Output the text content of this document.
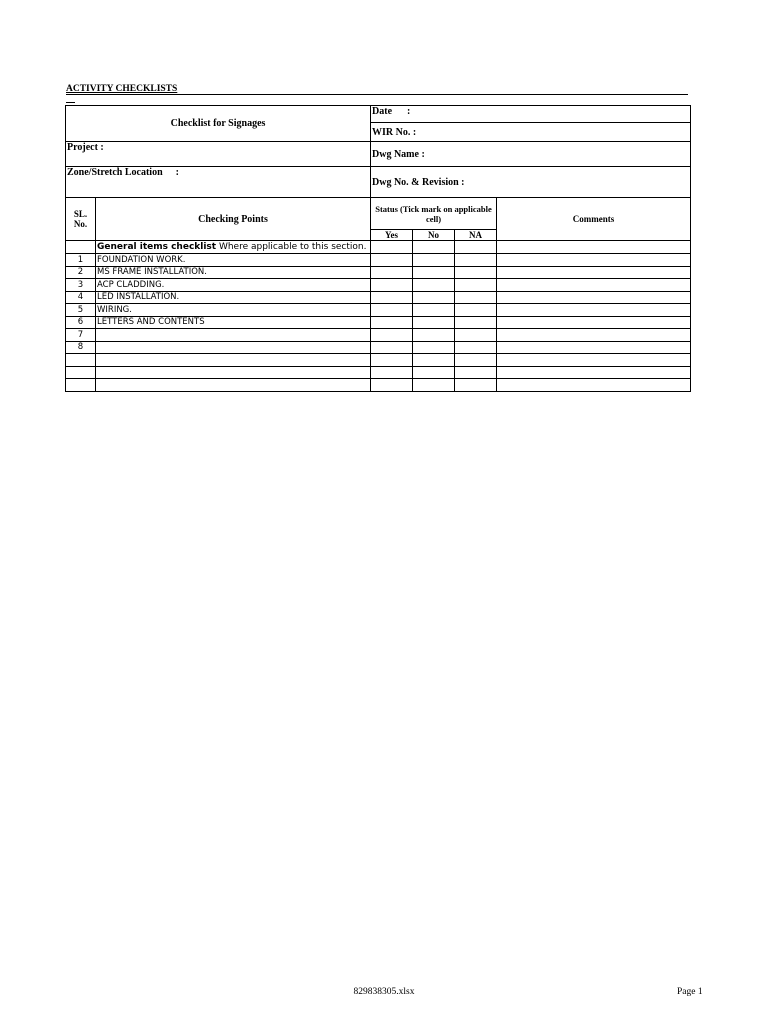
ACTIVITY CHECKLISTS
Checklist for Signages		Date :			
		WIR No. :			
Project :		Dwg Name :			
Zone/Stretch Location :		Dwg No. & Revision :			
SL. No.	Checking Points	Status (Tick mark on applicable cell)			Comments
		Yes	No	NA	
	General items checklist Where applicable to this section.				
1	FOUNDATION WORK.				
2	MS FRAME INSTALLATION.				
3	ACP CLADDING.				
4	LED INSTALLATION.				
5	WIRING.				
6	LETTERS AND CONTENTS				
7					
8					

829838305.xlsx	Page 1
